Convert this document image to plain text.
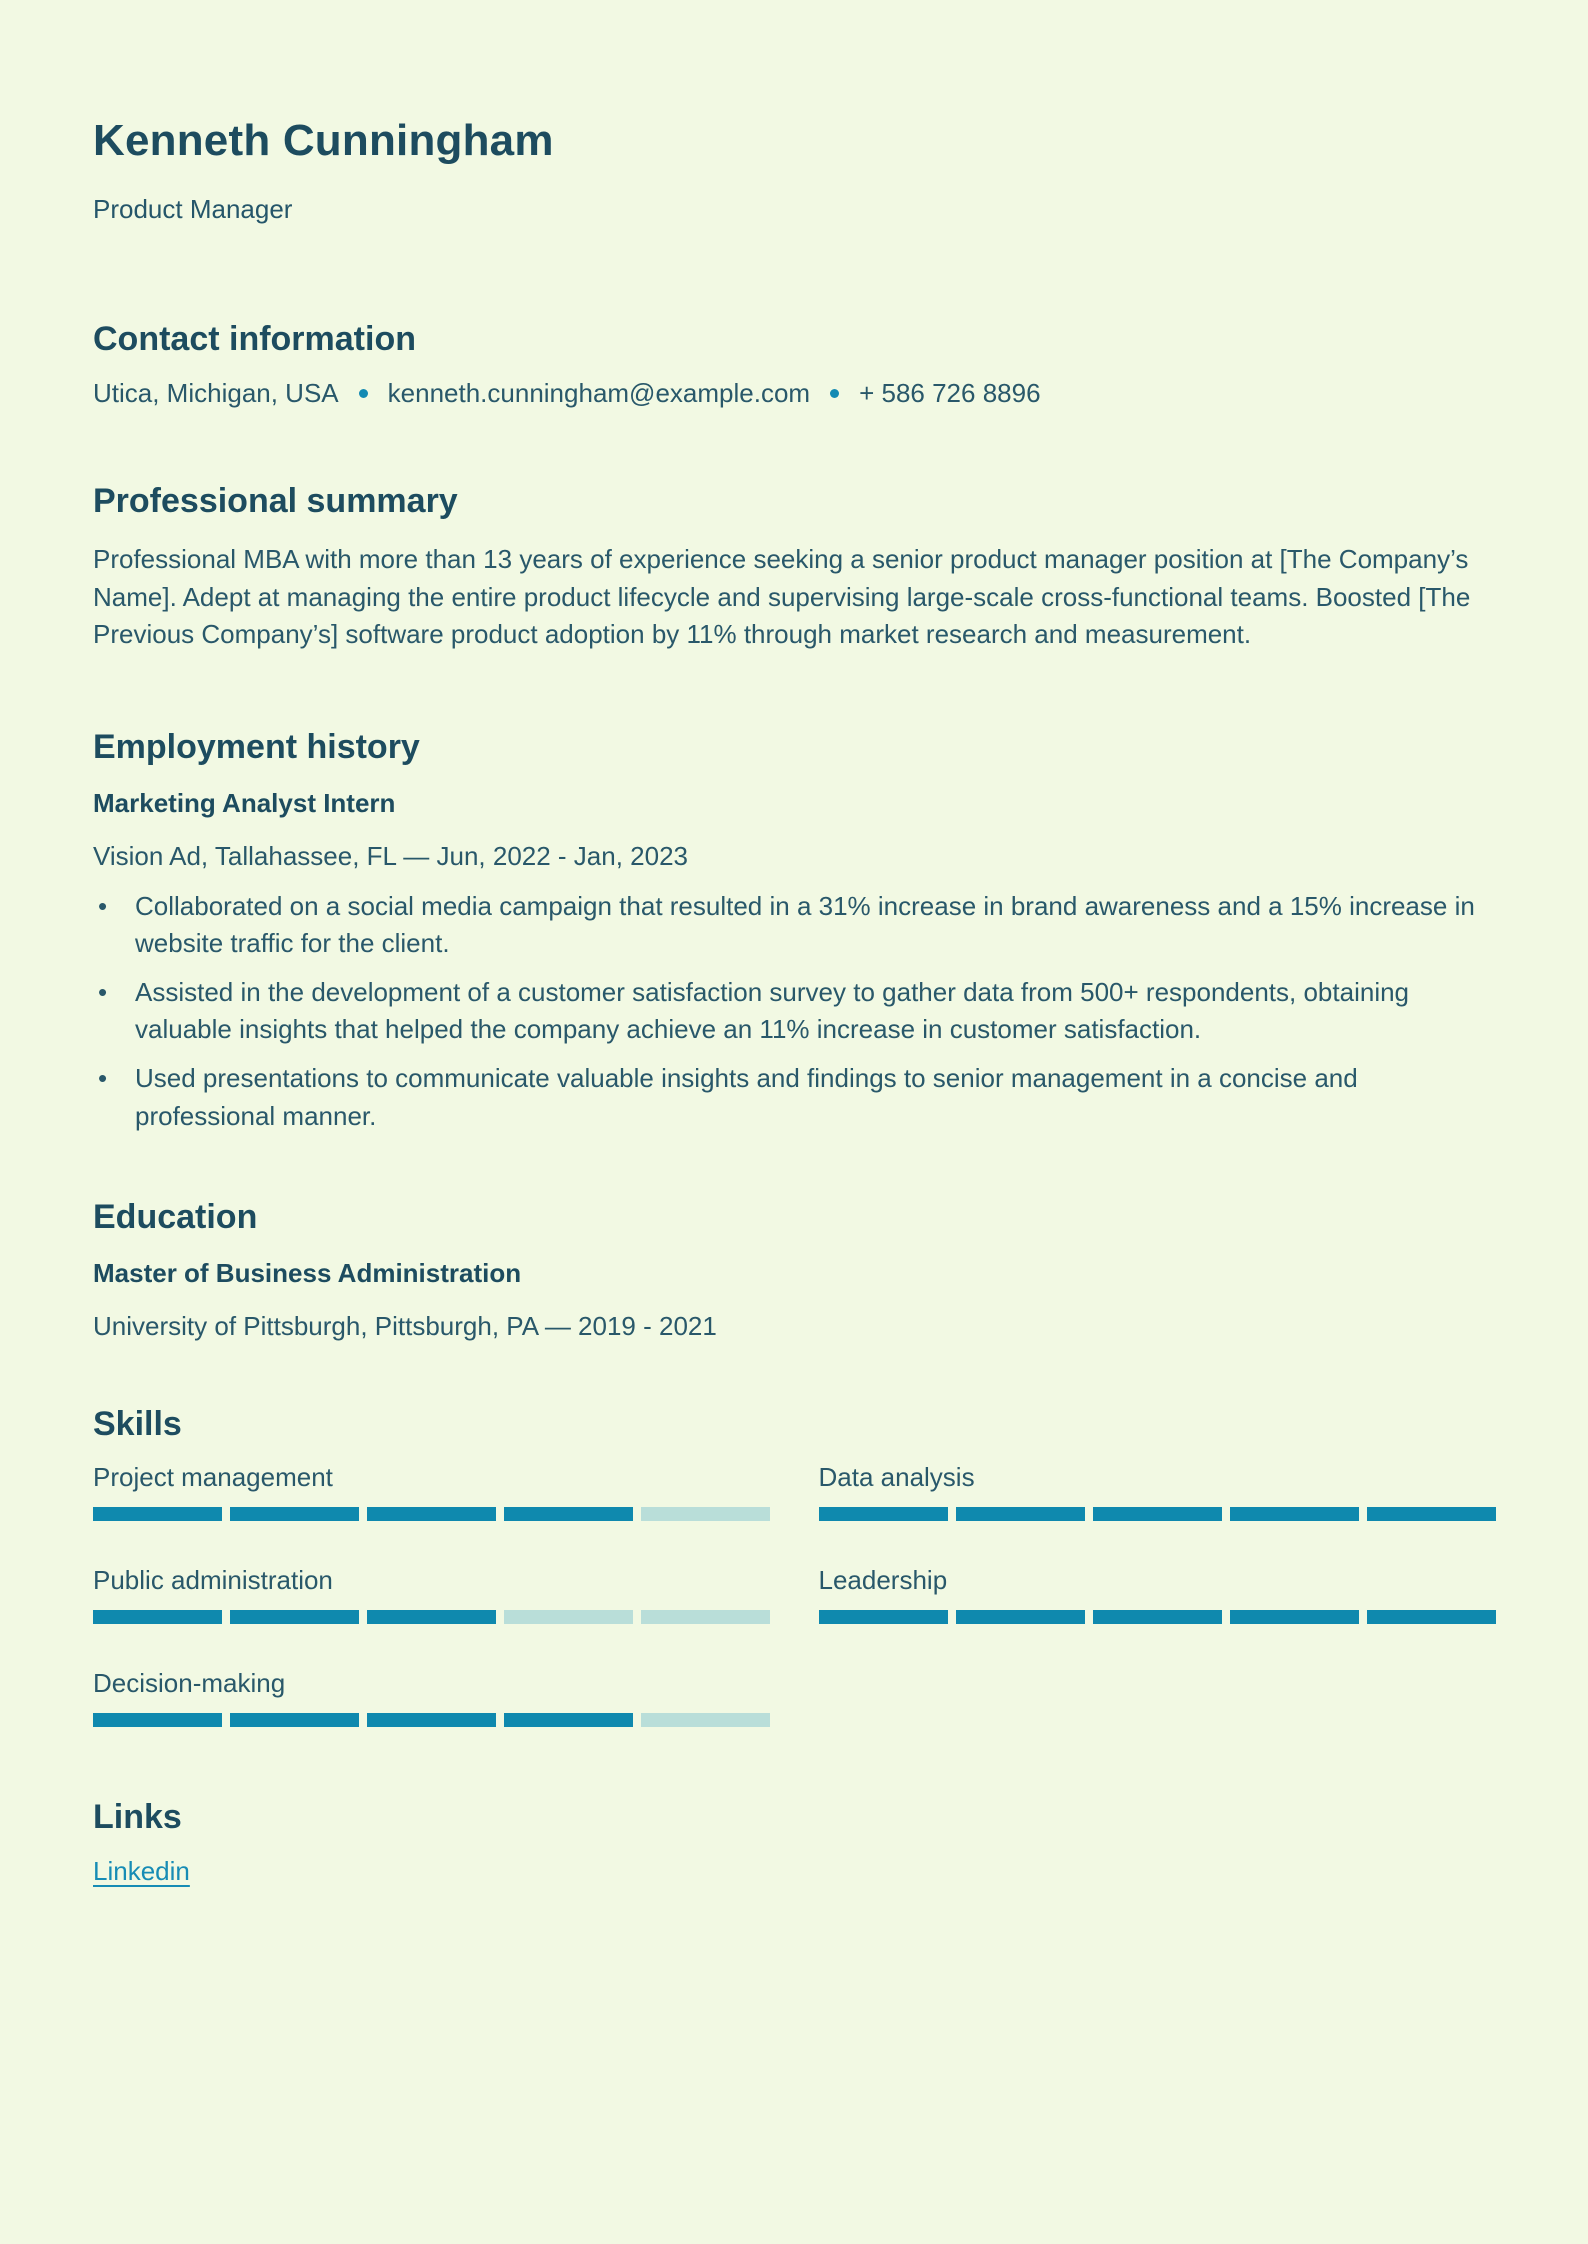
Kenneth Cunningham

Product Manager

Contact information
Utica, Michigan, USA kenneth.cunningham@example.com + 586 726 8896
Professional summary

Professional MBA with more than 13 years of experience seeking a senior product manager position at [The Company’s Name]. Adept at managing the entire product lifecycle and supervising large-scale cross-functional teams. Boosted [The Previous Company’s] software product adoption by 11% through market research and measurement.

Employment history
Marketing Analyst Intern

Vision Ad, Tallahassee, FL — Jun, 2022 - Jan, 2023

• Collaborated on a social media campaign that resulted in a 31% increase in brand awareness and a 15% increase in website traffic for the client.
• Assisted in the development of a customer satisfaction survey to gather data from 500+ respondents, obtaining valuable insights that helped the company achieve an 11% increase in customer satisfaction.
• Used presentations to communicate valuable insights and findings to senior management in a concise and professional manner.
Education
Master of Business Administration

University of Pittsburgh, Pittsburgh, PA — 2019 - 2021

Skills
Project management	Data analysis
Public administration	Leadership
Decision-making
Links
Linkedin
